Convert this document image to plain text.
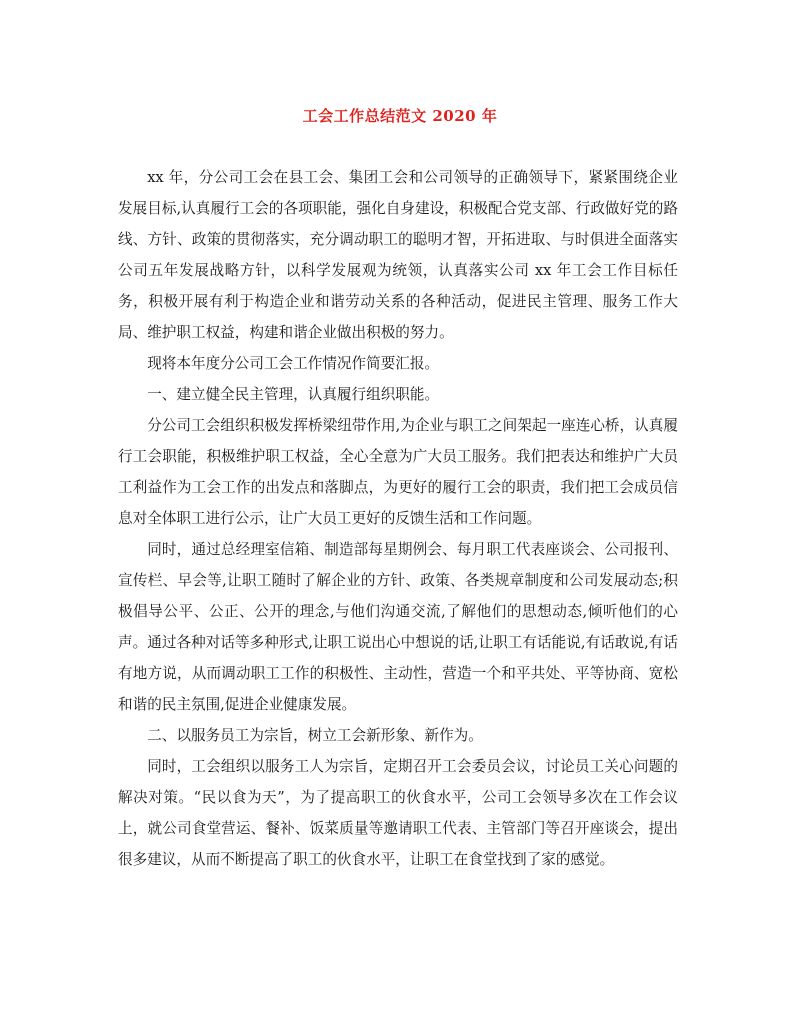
工会工作总结范文 2020 年

xx 年，分公司工会在县工会、集团工会和公司领导的正确领导下，紧紧围绕企业发展目标,认真履行工会的各项职能，强化自身建设，积极配合党支部、行政做好党的路线、方针、政策的贯彻落实，充分调动职工的聪明才智，开拓进取、与时俱进全面落实公司五年发展战略方针，以科学发展观为统领，认真落实公司 xx 年工会工作目标任务，积极开展有利于构造企业和谐劳动关系的各种活动，促进民主管理、服务工作大局、维护职工权益，构建和谐企业做出积极的努力。

现将本年度分公司工会工作情况作简要汇报。

一、建立健全民主管理，认真履行组织职能。

分公司工会组织积极发挥桥梁纽带作用,为企业与职工之间架起一座连心桥，认真履行工会职能，积极维护职工权益，全心全意为广大员工服务。我们把表达和维护广大员工利益作为工会工作的出发点和落脚点，为更好的履行工会的职责，我们把工会成员信息对全体职工进行公示，让广大员工更好的反馈生活和工作问题。

同时，通过总经理室信箱、制造部每星期例会、每月职工代表座谈会、公司报刊、宣传栏、早会等,让职工随时了解企业的方针、政策、各类规章制度和公司发展动态;积极倡导公平、公正、公开的理念,与他们沟通交流,了解他们的思想动态,倾听他们的心声。通过各种对话等多种形式,让职工说出心中想说的话,让职工有话能说,有话敢说,有话有地方说，从而调动职工工作的积极性、主动性，营造一个和平共处、平等协商、宽松和谐的民主氛围,促进企业健康发展。

二、以服务员工为宗旨，树立工会新形象、新作为。

同时，工会组织以服务工人为宗旨，定期召开工会委员会议，讨论员工关心问题的解决对策。“民以食为天”，为了提高职工的伙食水平，公司工会领导多次在工作会议上，就公司食堂营运、餐补、饭菜质量等邀请职工代表、主管部门等召开座谈会，提出很多建议，从而不断提高了职工的伙食水平，让职工在食堂找到了家的感觉。
